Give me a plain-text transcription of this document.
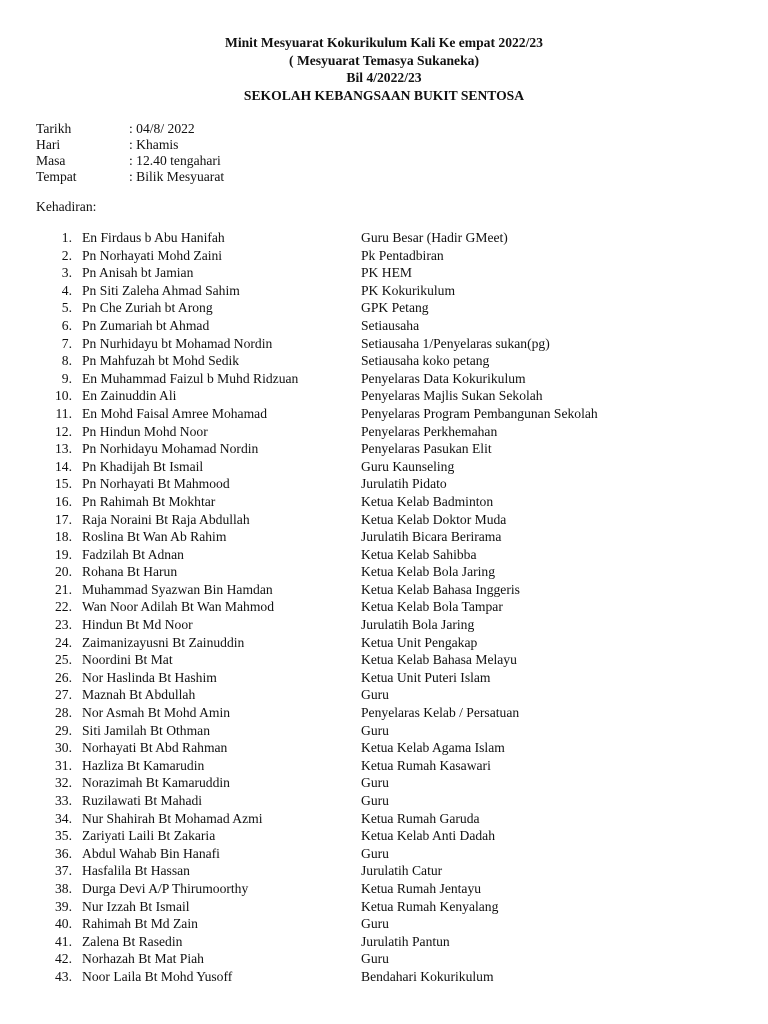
Minit Mesyuarat Kokurikulum Kali Ke empat 2022/23
( Mesyuarat Temasya Sukaneka)
Bil 4/2022/23
SEKOLAH KEBANGSAAN BUKIT SENTOSA
Tarikh	: 04/8/ 2022
Hari	: Khamis
Masa	: 12.40 tengahari
Tempat	: Bilik Mesyuarat
Kehadiran:
1. En Firdaus b Abu Hanifah	Guru Besar (Hadir GMeet)
2. Pn Norhayati Mohd Zaini	Pk Pentadbiran
3. Pn Anisah bt Jamian	PK HEM
4. Pn Siti Zaleha Ahmad Sahim	PK Kokurikulum
5. Pn Che Zuriah bt Arong	GPK Petang
6. Pn Zumariah bt Ahmad	Setiausaha
7. Pn Nurhidayu bt Mohamad Nordin	Setiausaha 1/Penyelaras sukan(pg)
8. Pn Mahfuzah bt Mohd Sedik	Setiausaha koko petang
9. En Muhammad Faizul b Muhd Ridzuan	Penyelaras Data Kokurikulum
10. En Zainuddin Ali	Penyelaras Majlis Sukan Sekolah
11. En Mohd Faisal Amree Mohamad	Penyelaras Program Pembangunan Sekolah
12. Pn Hindun Mohd Noor	Penyelaras Perkhemahan
13. Pn Norhidayu Mohamad Nordin	Penyelaras Pasukan Elit
14. Pn Khadijah Bt Ismail	Guru Kaunseling
15. Pn Norhayati Bt Mahmood	Jurulatih Pidato
16. Pn Rahimah Bt Mokhtar	Ketua Kelab Badminton
17. Raja Noraini Bt Raja Abdullah	Ketua Kelab Doktor Muda
18. Roslina Bt Wan Ab Rahim	Jurulatih Bicara Berirama
19. Fadzilah Bt Adnan	Ketua Kelab Sahibba
20. Rohana Bt Harun	Ketua Kelab Bola Jaring
21. Muhammad Syazwan Bin Hamdan	Ketua Kelab Bahasa Inggeris
22. Wan Noor Adilah Bt Wan Mahmod	Ketua Kelab Bola Tampar
23. Hindun Bt Md Noor	Jurulatih Bola Jaring
24. Zaimanizayusni Bt Zainuddin	Ketua Unit Pengakap
25. Noordini Bt Mat	Ketua Kelab Bahasa Melayu
26. Nor Haslinda Bt Hashim	Ketua Unit Puteri Islam
27. Maznah Bt Abdullah	Guru
28. Nor Asmah Bt Mohd Amin	Penyelaras Kelab / Persatuan
29. Siti Jamilah Bt Othman	Guru
30. Norhayati Bt Abd Rahman	Ketua Kelab Agama Islam
31. Hazliza Bt Kamarudin	Ketua Rumah Kasawari
32. Norazimah Bt Kamaruddin	Guru
33. Ruzilawati Bt Mahadi	Guru
34. Nur Shahirah Bt Mohamad Azmi	Ketua Rumah Garuda
35. Zariyati Laili Bt Zakaria	Ketua Kelab Anti Dadah
36. Abdul Wahab Bin Hanafi	Guru
37. Hasfalila Bt Hassan	Jurulatih Catur
38. Durga Devi A/P Thirumoorthy	Ketua Rumah Jentayu
39. Nur Izzah Bt Ismail	Ketua Rumah Kenyalang
40. Rahimah Bt Md Zain	Guru
41. Zalena Bt Rasedin	Jurulatih Pantun
42. Norhazah Bt Mat Piah	Guru
43. Noor Laila Bt Mohd Yusoff	Bendahari Kokurikulum
